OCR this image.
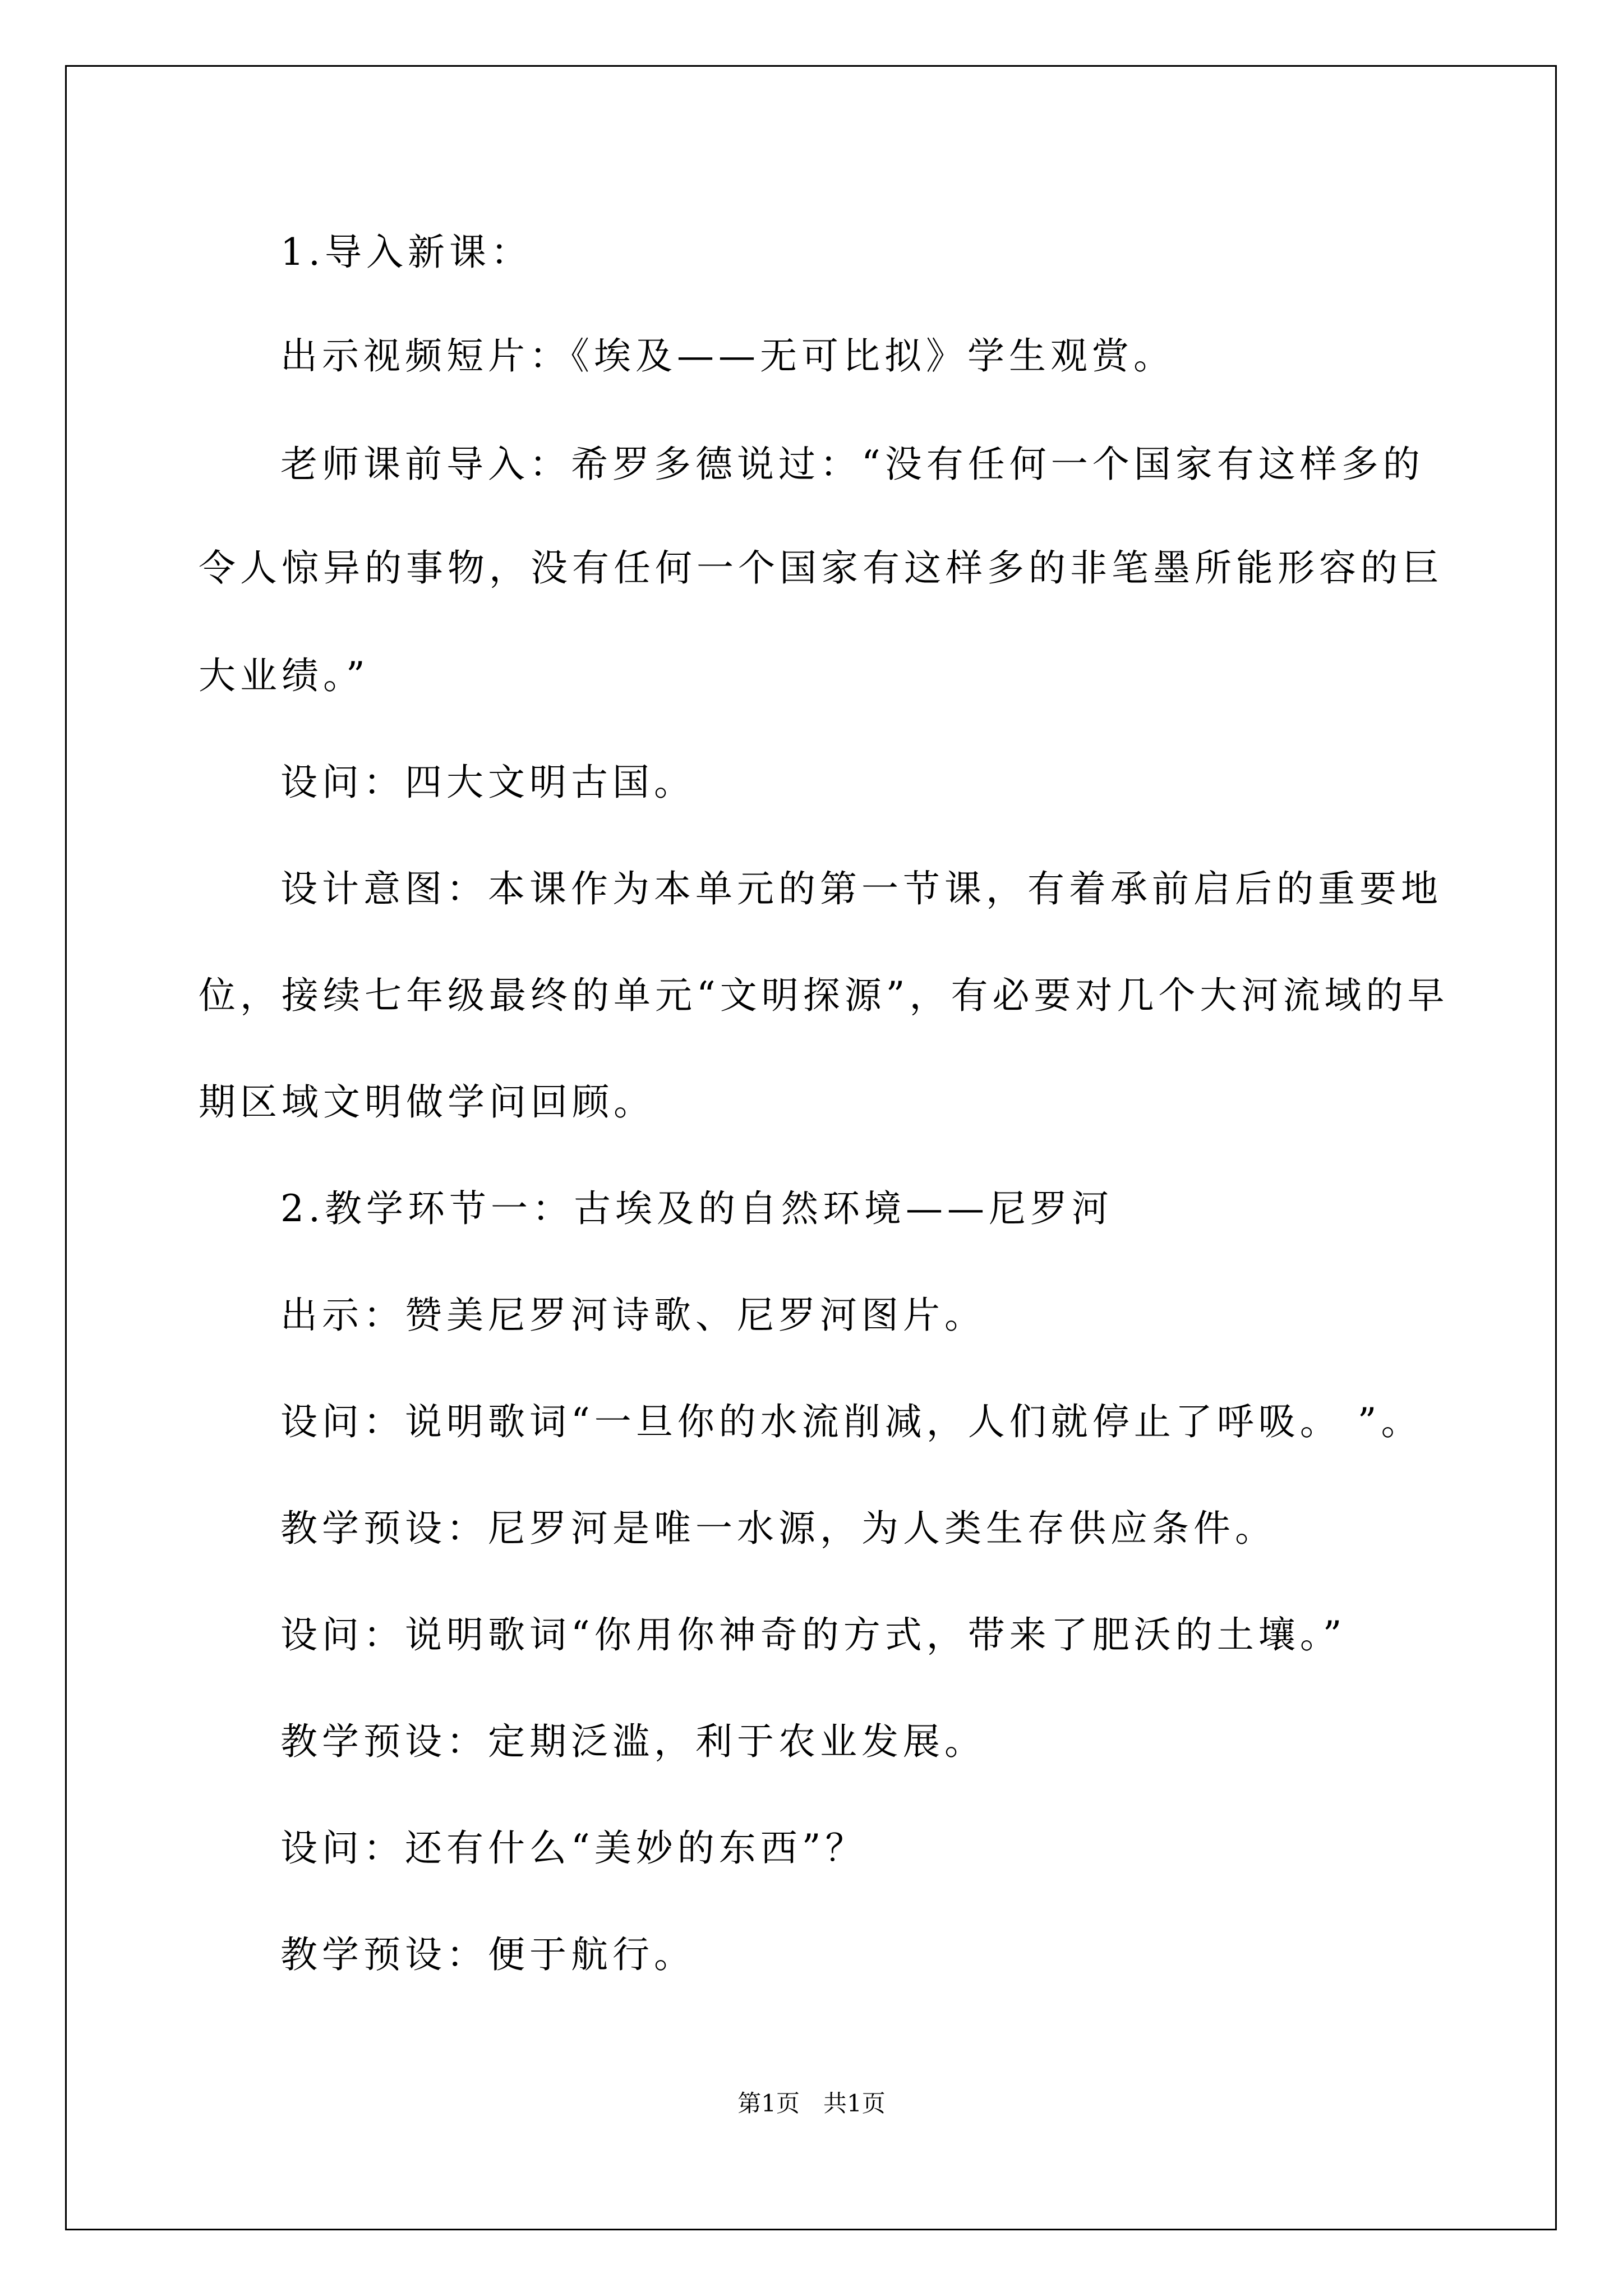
1.导入新课：
出示视频短片：《埃及——无可比拟》学生观赏。
老师课前导入：希罗多德说过：“没有任何一个国家有这样多的
令人惊异的事物，没有任何一个国家有这样多的非笔墨所能形容的巨
大业绩。”
设问：四大文明古国。
设计意图：本课作为本单元的第一节课，有着承前启后的重要地
位，接续七年级最终的单元“文明探源”，有必要对几个大河流域的早
期区域文明做学问回顾。
2.教学环节一：古埃及的自然环境——尼罗河
出示：赞美尼罗河诗歌、尼罗河图片。
设问：说明歌词“一旦你的水流削减，人们就停止了呼吸。 ”。
教学预设：尼罗河是唯一水源，为人类生存供应条件。
设问：说明歌词“你用你神奇的方式，带来了肥沃的土壤。”
教学预设：定期泛滥，利于农业发展。
设问：还有什么“美妙的东西”？
教学预设：便于航行。
第1页　共1页
